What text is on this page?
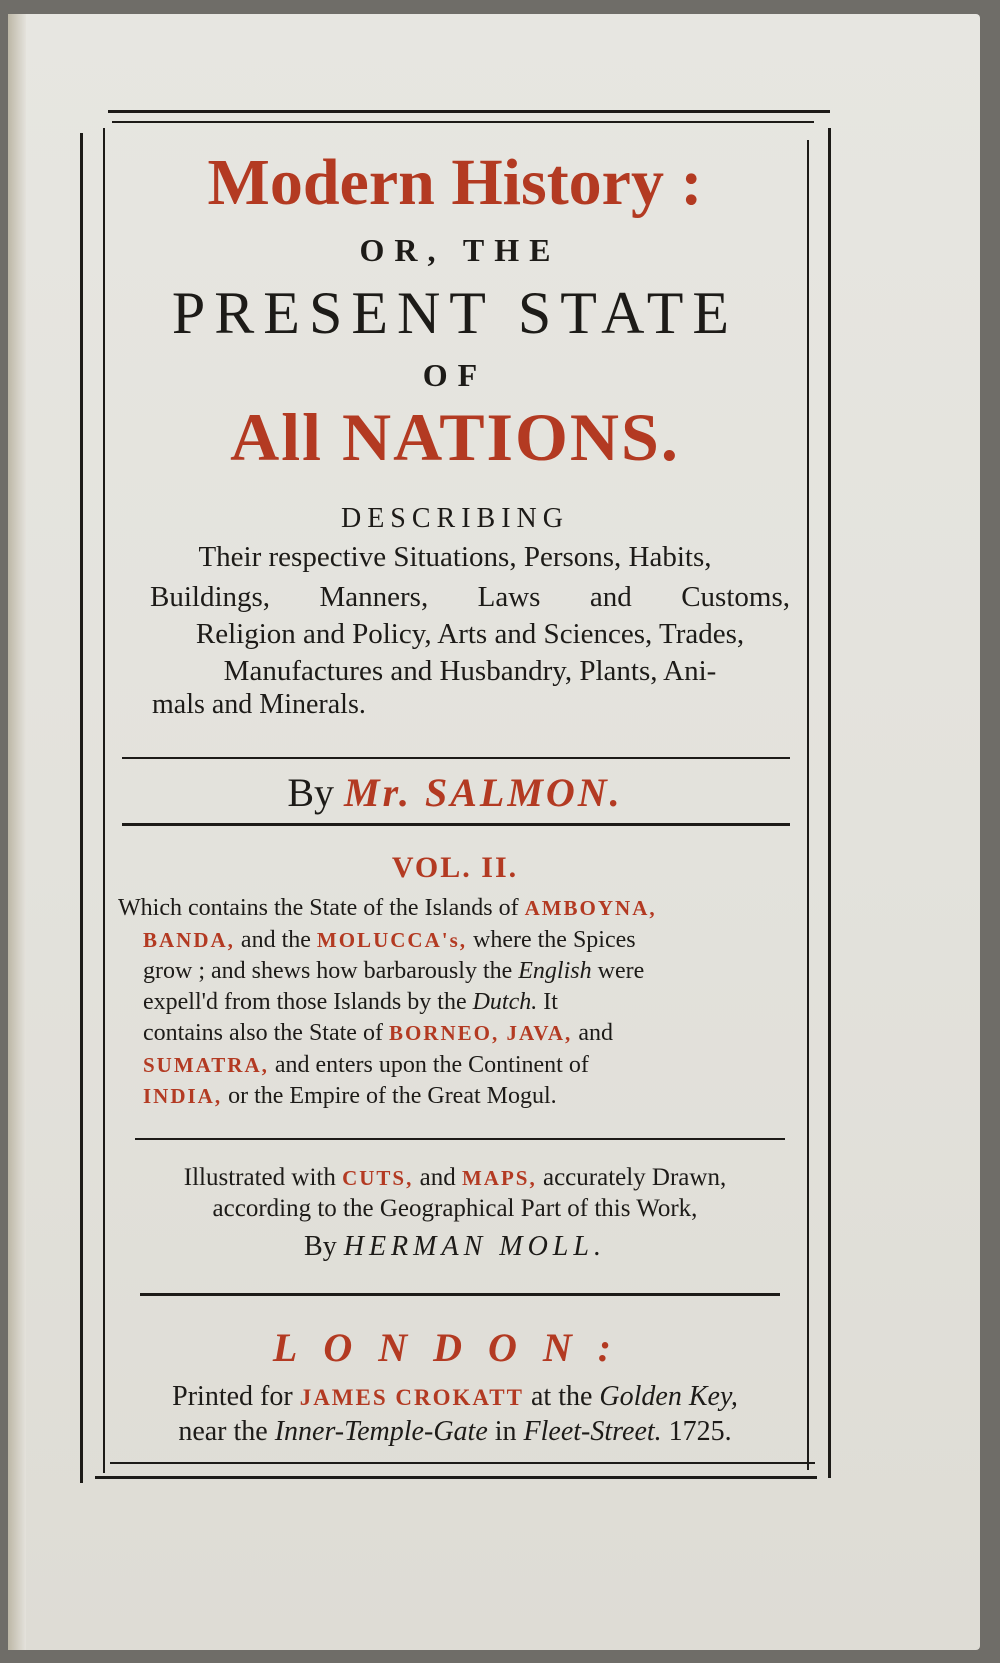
Modern History :
OR, THE
PRESENT STATE
OF
All NATIONS.
DESCRIBING
Their respective Situations, Persons, Habits,
Buildings, Manners, Laws and Customs,
Religion and Policy, Arts and Sciences, Trades,
Manufactures and Husbandry, Plants, Ani-
mals and Minerals.
By Mr. SALMON.
VOL. II.
Which contains the State of the Islands of AMBOYNA,
BANDA, and the MOLUCCA's, where the Spices
grow ; and shews how barbarously the English were
expell'd from those Islands by the Dutch. It
contains also the State of BORNEO, JAVA, and
SUMATRA, and enters upon the Continent of
INDIA, or the Empire of the Great Mogul.
Illustrated with CUTS, and MAPS, accurately Drawn,
according to the Geographical Part of this Work,
By HERMAN MOLL.
LONDON:
Printed for JAMES CROKATT at the Golden Key,
near the Inner-Temple-Gate in Fleet-Street. 1725.
